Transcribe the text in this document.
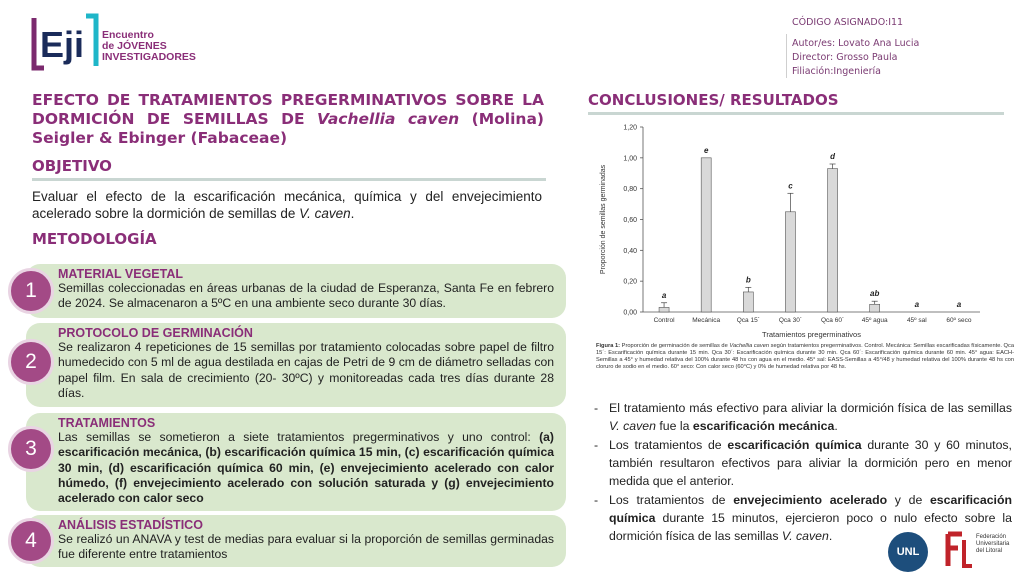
Eji Encuentro
de JÓVENES
INVESTIGADORES
CÓDIGO ASIGNADO:I11
Autor/es: Lovato Ana Lucia
Director: Grosso Paula
Filiación:Ingeniería
EFECTO DE TRATAMIENTOS PREGERMINATIVOS SOBRE LA DORMICIÓN DE SEMILLAS DE Vachellia caven (Molina) Seigler & Ebinger (Fabaceae)
OBJETIVO
Evaluar el efecto de la escarificación mecánica, química y del envejecimiento acelerado sobre la dormición de semillas de V. caven.
METODOLOGÍA
MATERIAL VEGETAL

Semillas coleccionadas en áreas urbanas de la ciudad de Esperanza, Santa Fe en febrero de 2024. Se almacenaron a 5ºC en una ambiente seco durante 30 días.

1
PROTOCOLO DE GERMINACIÓN

Se realizaron 4 repeticiones de 15 semillas por tratamiento colocadas sobre papel de filtro humedecido con 5 ml de agua destilada en cajas de Petri de 9 cm de diámetro selladas con papel film. En sala de crecimiento (20- 30ºC) y monitoreadas cada tres días durante 28 días.

2
TRATAMIENTOS

Las semillas se sometieron a siete tratamientos pregerminativos y uno control: (a) escarificación mecánica, (b) escarificación química 15 min, (c) escarificación química 30 min, (d) escarificación química 60 min, (e) envejecimiento acelerado con calor húmedo, (f) envejecimiento acelerado con solución saturada y (g) envejecimiento acelerado con calor seco

3
ANÁLISIS ESTADÍSTICO

Se realizó un ANAVA y test de medias para evaluar si la proporción de semillas germinadas fue diferente entre tratamientos

4
CONCLUSIONES/ RESULTADOS
0,00
0,20
0,40
0,60
0,80
1,00
1,20
Proporción de semillas germinadas
a
Control
e
Mecánica
b
Qca 15´
c
Qca 30´
d
Qca 60´
ab
45º agua
a
45º sal
a
60º seco
Tratamientos pregerminativos
Figura 1: Proporción de germinación de semillas de Vachellia caven según tratamientos pregerminativos. Control. Mecánica: Semillas escarificadas físicamente. Qca 15´: Escarificación química durante 15 min. Qca 30´: Escarificación química durante 30 min. Qca 60´: Escarificación química durante 60 min. 45° agua: EACH-Semillas a 45° y humedad relativa del 100% durante 48 hs con agua en el medio. 45° sal: EASS-Semillas a 45°/48 y humedad relativa del 100% durante 48 hs con cloruro de sodio en el medio. 60° seco: Con calor seco (60°C) y 0% de humedad relativa por 48 hs.
- El tratamiento más efectivo para aliviar la dormición física de las semillas V. caven fue la escarificación mecánica.
- Los tratamientos de escarificación química durante 30 y 60 minutos, también resultaron efectivos para aliviar la dormición pero en menor medida que el anterior.
- Los tratamientos de envejecimiento acelerado y de escarificación química durante 15 minutos, ejercieron poco o nulo efecto sobre la dormición física de las semillas V. caven.
UNL
Federación
Universitaria
del Litoral
